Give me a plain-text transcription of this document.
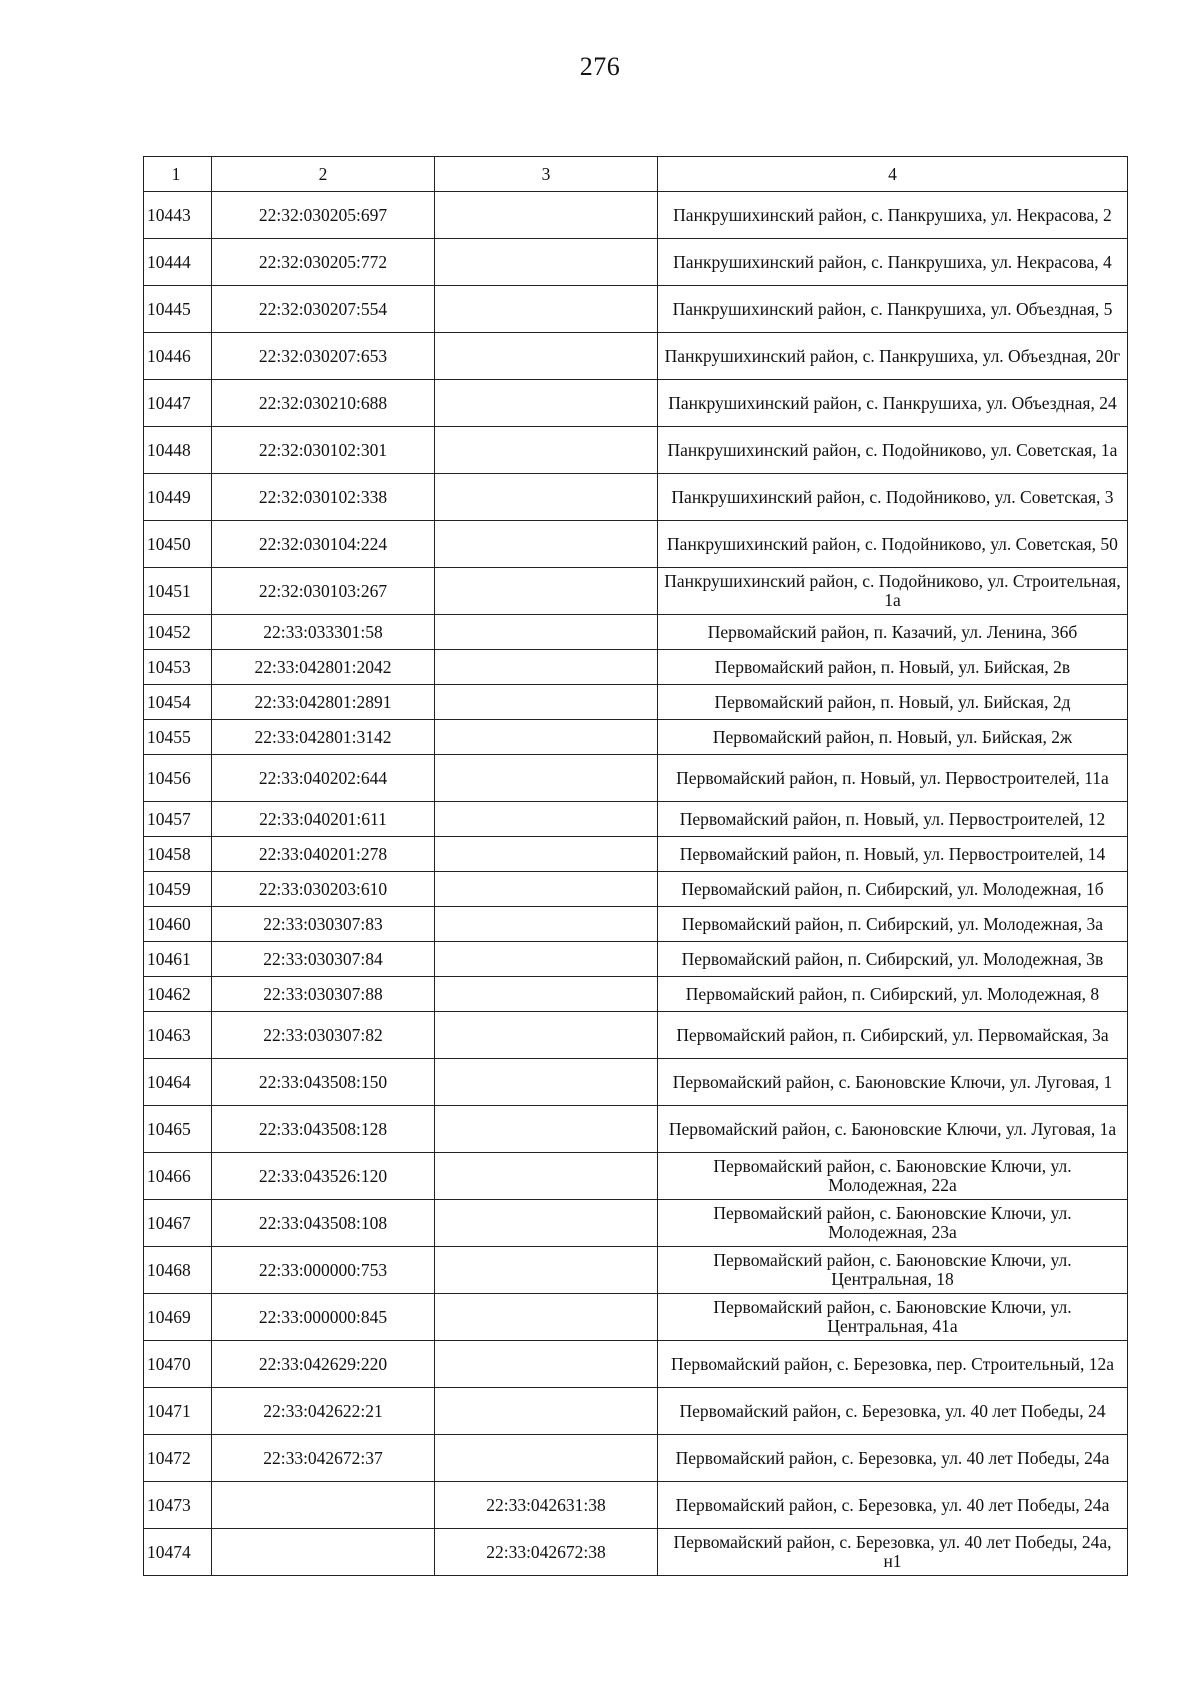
276
1	2	3	4
10443	22:32:030205:697		Панкрушихинский район, с. Панкрушиха, ул. Некрасова, 2
10444	22:32:030205:772		Панкрушихинский район, с. Панкрушиха, ул. Некрасова, 4
10445	22:32:030207:554		Панкрушихинский район, с. Панкрушиха, ул. Объездная, 5
10446	22:32:030207:653		Панкрушихинский район, с. Панкрушиха, ул. Объездная, 20г
10447	22:32:030210:688		Панкрушихинский район, с. Панкрушиха, ул. Объездная, 24
10448	22:32:030102:301		Панкрушихинский район, с. Подойниково, ул. Советская, 1а
10449	22:32:030102:338		Панкрушихинский район, с. Подойниково, ул. Советская, 3
10450	22:32:030104:224		Панкрушихинский район, с. Подойниково, ул. Советская, 50
10451	22:32:030103:267		Панкрушихинский район, с. Подойниково, ул. Строительная, 1а
10452	22:33:033301:58		Первомайский район, п. Казачий, ул. Ленина, 36б
10453	22:33:042801:2042		Первомайский район, п. Новый, ул. Бийская, 2в
10454	22:33:042801:2891		Первомайский район, п. Новый, ул. Бийская, 2д
10455	22:33:042801:3142		Первомайский район, п. Новый, ул. Бийская, 2ж
10456	22:33:040202:644		Первомайский район, п. Новый, ул. Первостроителей, 11а
10457	22:33:040201:611		Первомайский район, п. Новый, ул. Первостроителей, 12
10458	22:33:040201:278		Первомайский район, п. Новый, ул. Первостроителей, 14
10459	22:33:030203:610		Первомайский район, п. Сибирский, ул. Молодежная, 1б
10460	22:33:030307:83		Первомайский район, п. Сибирский, ул. Молодежная, 3а
10461	22:33:030307:84		Первомайский район, п. Сибирский, ул. Молодежная, 3в
10462	22:33:030307:88		Первомайский район, п. Сибирский, ул. Молодежная, 8
10463	22:33:030307:82		Первомайский район, п. Сибирский, ул. Первомайская, 3а
10464	22:33:043508:150		Первомайский район, с. Баюновские Ключи, ул. Луговая, 1
10465	22:33:043508:128		Первомайский район, с. Баюновские Ключи, ул. Луговая, 1а
10466	22:33:043526:120		Первомайский район, с. Баюновские Ключи, ул. Молодежная, 22а
10467	22:33:043508:108		Первомайский район, с. Баюновские Ключи, ул. Молодежная, 23а
10468	22:33:000000:753		Первомайский район, с. Баюновские Ключи, ул. Центральная, 18
10469	22:33:000000:845		Первомайский район, с. Баюновские Ключи, ул. Центральная, 41а
10470	22:33:042629:220		Первомайский район, с. Березовка, пер. Строительный, 12а
10471	22:33:042622:21		Первомайский район, с. Березовка, ул. 40 лет Победы, 24
10472	22:33:042672:37		Первомайский район, с. Березовка, ул. 40 лет Победы, 24а
10473		22:33:042631:38	Первомайский район, с. Березовка, ул. 40 лет Победы, 24а
10474		22:33:042672:38	Первомайский район, с. Березовка, ул. 40 лет Победы, 24а, н1
